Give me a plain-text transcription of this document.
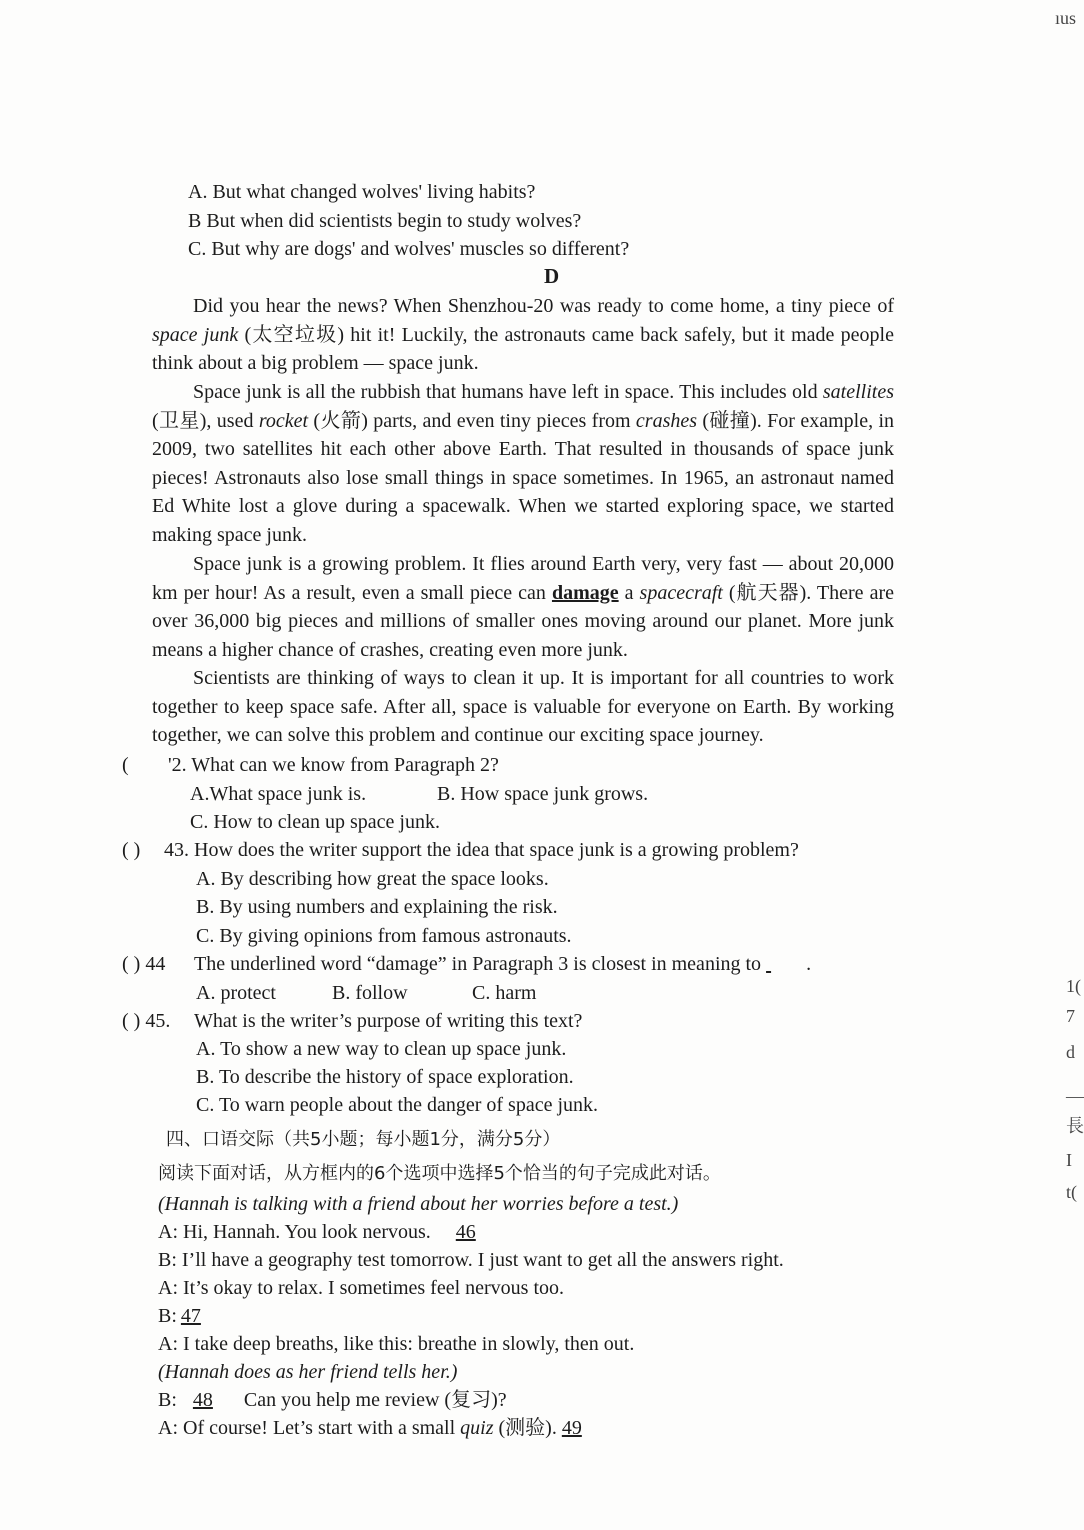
ıus
1(
7
d
—
長
I
t(
A. But what changed wolves' living habits?
B But when did scientists begin to study wolves?
C. But why are dogs' and wolves' muscles so different?
D
Did you hear the news? When Shenzhou-20 was ready to come home, a tiny piece of space junk (太空垃圾) hit it! Luckily, the astronauts came back safely, but it made people think about a big problem — space junk.
Space junk is all the rubbish that humans have left in space. This includes old satellites (卫星), used rocket (火箭) parts, and even tiny pieces from crashes (碰撞). For example, in 2009, two satellites hit each other above Earth. That resulted in thousands of space junk pieces! Astronauts also lose small things in space sometimes. In 1965, an astronaut named Ed White lost a glove during a spacewalk. When we started exploring space, we started making space junk.
Space junk is a growing problem. It flies around Earth very, very fast — about 20,000 km per hour! As a result, even a small piece can damage a spacecraft (航天器). There are over 36,000 big pieces and millions of smaller ones moving around our planet. More junk means a higher chance of crashes, creating even more junk.
Scientists are thinking of ways to clean it up. It is important for all countries to work together to keep space safe. After all, space is valuable for everyone on Earth. By working together, we can solve this problem and continue our exciting space journey.
( '2. What can we know from Paragraph 2?
A.What space junk is.	B. How space junk grows.
C. How to clean up space junk.
( ) 43. How does the writer support the idea that space junk is a growing problem?
A. By describing how great the space looks.
B. By using numbers and explaining the risk.
C. By giving opinions from famous astronauts.
( ) 44 The underlined word “damage” in Paragraph 3 is closest in meaning to .
A. protect	B. follow	C. harm
( ) 45. What is the writer’s purpose of writing this text?
A. To show a new way to clean up space junk.
B. To describe the history of space exploration.
C. To warn people about the danger of space junk.
四、口语交际（共5小题；每小题1分，满分5分）
阅读下面对话，从方框内的6个选项中选择5个恰当的句子完成此对话。
(Hannah is talking with a friend about her worries before a test.)
A: Hi, Hannah. You look nervous. 46
B: I’ll have a geography test tomorrow. I just want to get all the answers right.
A: It’s okay to relax. I sometimes feel nervous too.
B: 47
A: I take deep breaths, like this: breathe in slowly, then out.
(Hannah does as her friend tells her.)
B: 48 Can you help me review (复习)?
A: Of course! Let’s start with a small quiz (测验). 49
